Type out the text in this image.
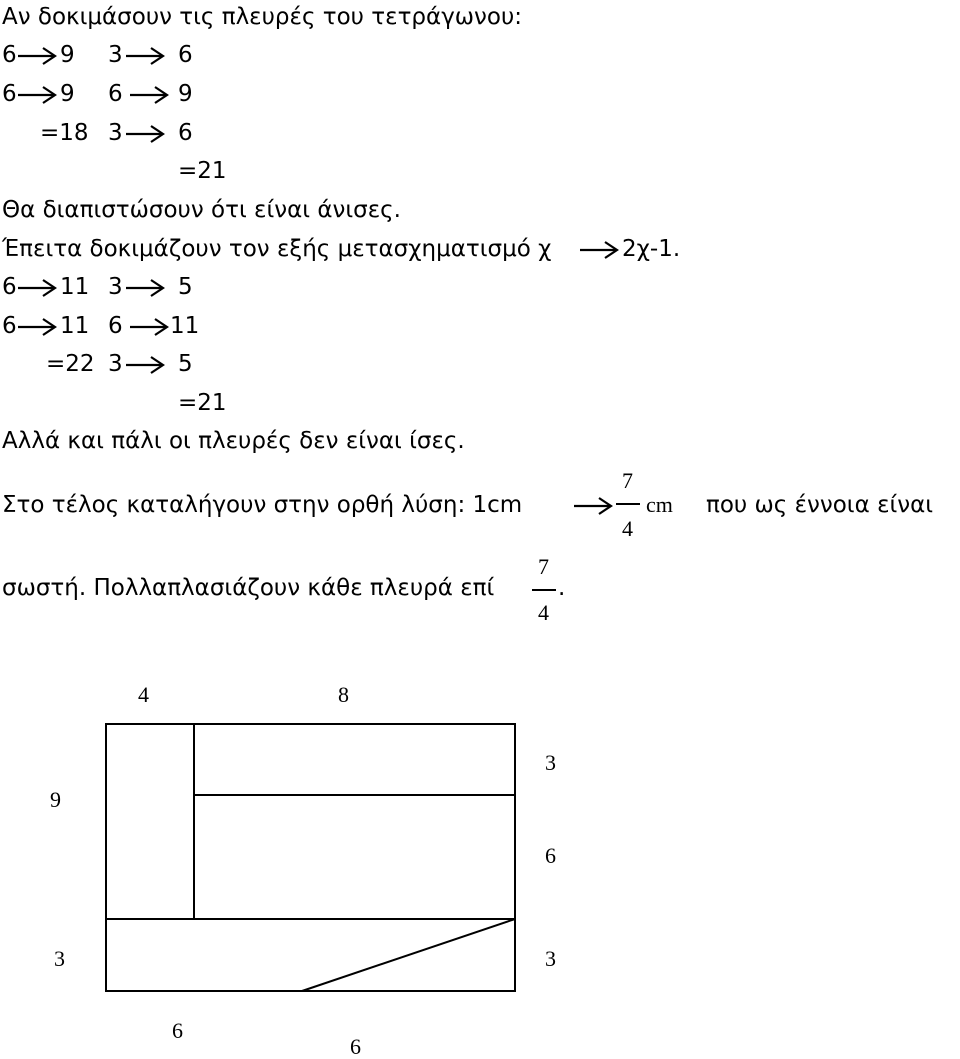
Αν δοκιμάσουν τις πλευρές του τετράγωνου:
6 9 3 6
6 9 6 9
=18 3 6
=21
Θα διαπιστώσουν ότι είναι άνισες.
Έπειτα δοκιμάζουν τον εξής μετασχηματισμό χ	2χ-1.
6 11 3 5
6 11 6 11
=22 3 5
=21
Αλλά και πάλι οι πλευρές δεν είναι ίσες.
Στο τέλος καταλήγουν στην ορθή λύση: 1cm
7
4
cm που ως έννοια είναι
σωστή. Πολλαπλασιάζουν κάθε πλευρά επί
7
4
.
4	8
9
3
3
6
3
6
6
